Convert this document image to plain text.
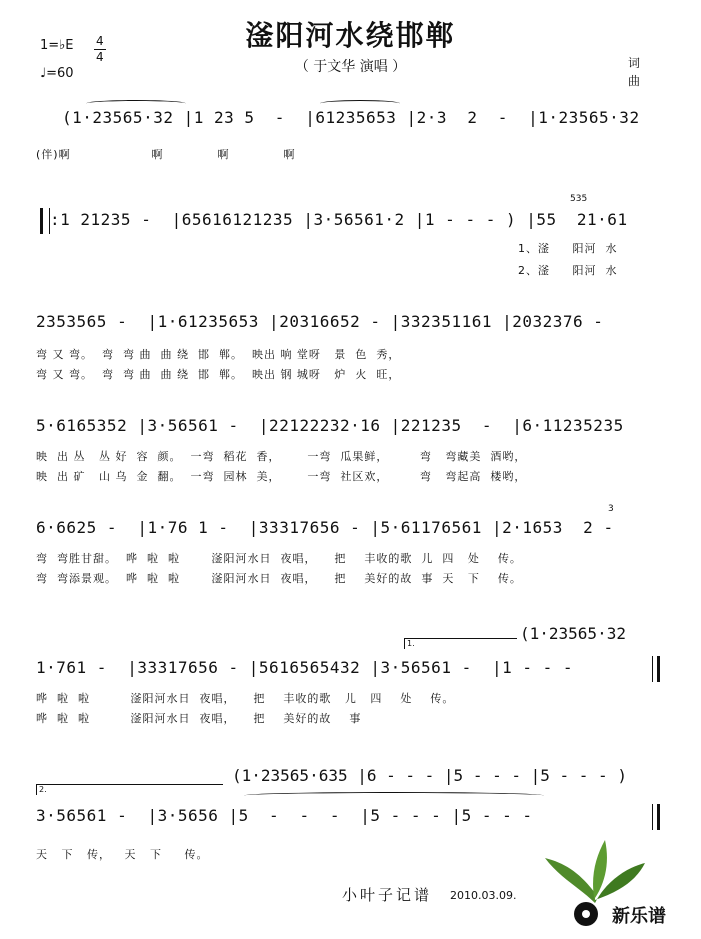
滏阳河水绕邯郸
（ 于文华 演唱 ）
1=♭E 4
4
♩=60
词
曲
(1·23565·32 |1 23 5  -  |61235653 |2·3  2  -  |1·23565·32
(伴)啊                  啊            啊            啊
:1 21235 -  |65616121235 |3·56561·2 |1 - - - ) |55  21·61
535
1、滏     阳河  水
2、滏     阳河  水
2353565 -  |1·61235653 |20316652 - |332351161 |2032376 -
弯 又 弯。  弯  弯 曲  曲 绕  邯  郸。  映出 响 堂呀   景  色  秀，
弯 又 弯。  弯  弯 曲  曲 绕  邯  郸。  映出 钢 城呀   炉  火  旺，
5·6165352 |3·56561 -  |22122232·16 |221235  -  |6·11235235
映  出 丛   丛 好  容  颜。  一弯  稻花  香，      一弯  瓜果鲜，       弯   弯藏美  酒哟，
映  出 矿   山 乌  金  翻。  一弯  园林  美，      一弯  社区欢，       弯   弯起高  楼哟，
6·6625 -  |1·76 1 -  |33317656 - |5·61176561 |2·1653  2 -
3
弯  弯胜甘甜。  哗  啦  啦       滏阳河水日  夜唱，    把    丰收的歌  儿  四   处    传。
弯  弯添景观。  哗  啦  啦       滏阳河水日  夜唱，    把    美好的故  事  天   下    传。
(1·23565·32
1·761 -  |33317656 - |5616565432 |3·56561 -  |1 - - -
1.
哗  啦  啦         滏阳河水日  夜唱，    把    丰收的歌   儿   四    处    传。
哗  啦  啦         滏阳河水日  夜唱，    把    美好的故    事
(1·23565·635 |6 - - - |5 - - - |5 - - - )
3·56561 -  |3·5656 |5  -  -  -  |5 - - - |5 - - -
2.
天   下   传，   天   下     传。
小叶子记谱 2010.03.09.
新乐谱
